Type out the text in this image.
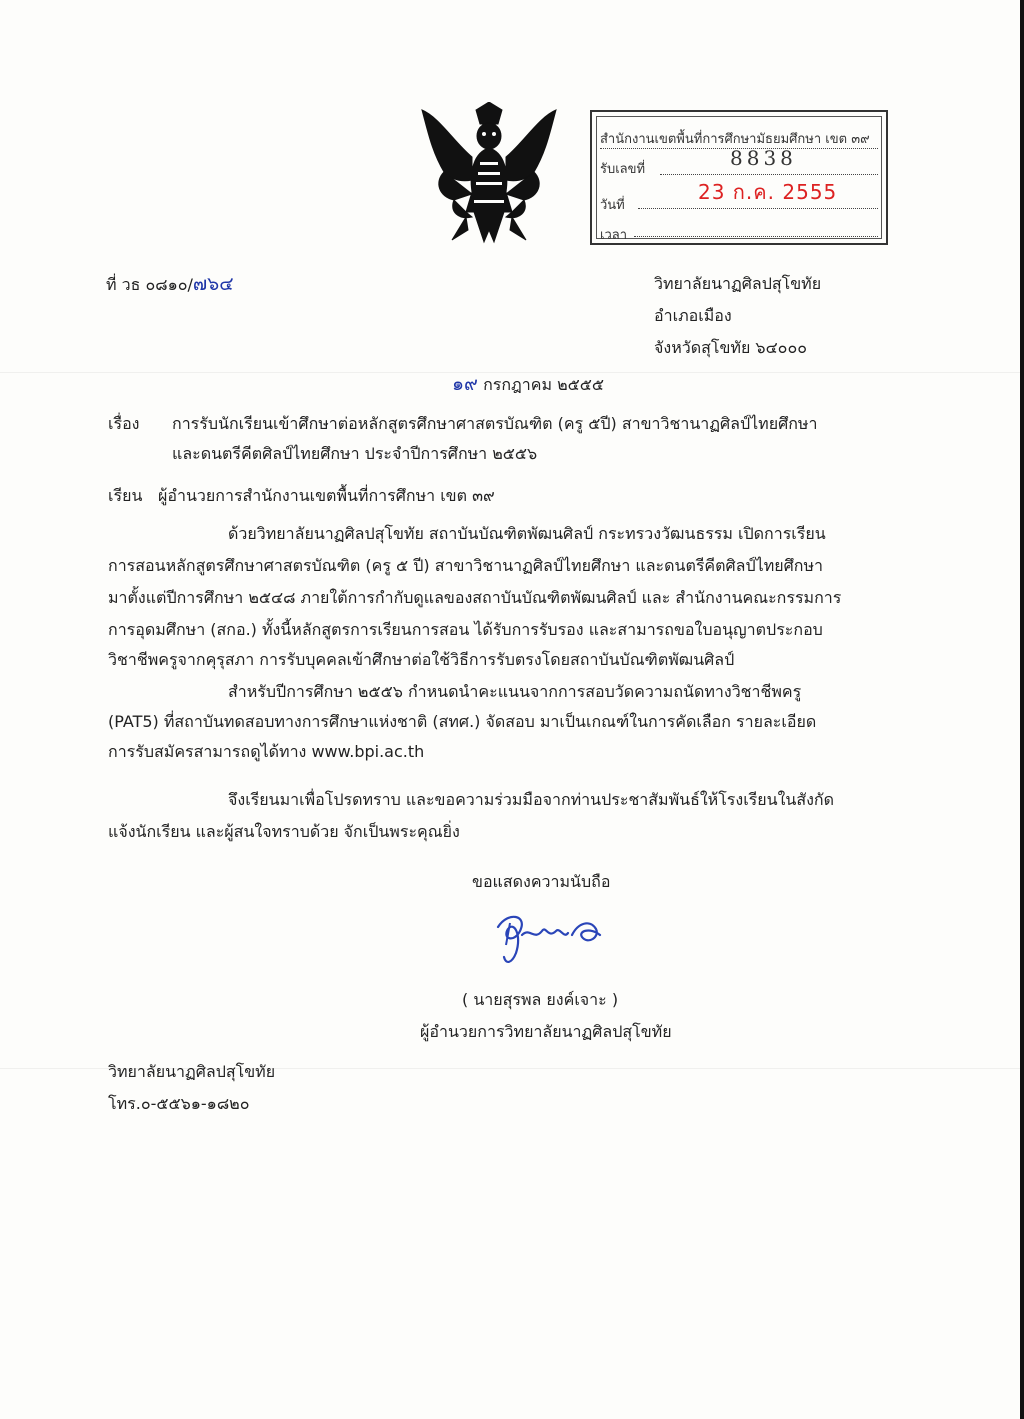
สำนักงานเขตพื้นที่การศึกษามัธยมศึกษา เขต ๓๙
รับเลขที่	8838
วันที่
23 ก.ค. 2555
เวลา
ที่ วธ ๐๘๑๐/๗๖๔	วิทยาลัยนาฏศิลปสุโขทัย
อำเภอเมือง
จังหวัดสุโขทัย ๖๔๐๐๐
๑๙ กรกฎาคม ๒๕๕๕
เรื่อง การรับนักเรียนเข้าศึกษาต่อหลักสูตรศึกษาศาสตรบัณฑิต (ครู ๕ปี) สาขาวิชานาฏศิลป์ไทยศึกษา
และดนตรีคีตศิลป์ไทยศึกษา ประจำปีการศึกษา ๒๕๕๖
เรียน ผู้อำนวยการสำนักงานเขตพื้นที่การศึกษา เขต ๓๙
ด้วยวิทยาลัยนาฏศิลปสุโขทัย สถาบันบัณฑิตพัฒนศิลป์ กระทรวงวัฒนธรรม เปิดการเรียน
การสอนหลักสูตรศึกษาศาสตรบัณฑิต (ครู ๕ ปี) สาขาวิชานาฏศิลป์ไทยศึกษา และดนตรีคีตศิลป์ไทยศึกษา
มาตั้งแต่ปีการศึกษา ๒๕๔๘ ภายใต้การกำกับดูแลของสถาบันบัณฑิตพัฒนศิลป์ และ สำนักงานคณะกรรมการ
การอุดมศึกษา (สกอ.) ทั้งนี้หลักสูตรการเรียนการสอน ได้รับการรับรอง และสามารถขอใบอนุญาตประกอบ
วิชาชีพครูจากคุรุสภา การรับบุคคลเข้าศึกษาต่อใช้วิธีการรับตรงโดยสถาบันบัณฑิตพัฒนศิลป์
สำหรับปีการศึกษา ๒๕๕๖ กำหนดนำคะแนนจากการสอบวัดความถนัดทางวิชาชีพครู
(PAT5) ที่สถาบันทดสอบทางการศึกษาแห่งชาติ (สทศ.) จัดสอบ มาเป็นเกณฑ์ในการคัดเลือก รายละเอียด
การรับสมัครสามารถดูได้ทาง www.bpi.ac.th
จึงเรียนมาเพื่อโปรดทราบ และขอความร่วมมือจากท่านประชาสัมพันธ์ให้โรงเรียนในสังกัด
แจ้งนักเรียน และผู้สนใจทราบด้วย จักเป็นพระคุณยิ่ง
ขอแสดงความนับถือ
( นายสุรพล ยงค์เจาะ )
ผู้อำนวยการวิทยาลัยนาฏศิลปสุโขทัย
วิทยาลัยนาฏศิลปสุโขทัย
โทร.๐-๕๕๖๑-๑๘๒๐
